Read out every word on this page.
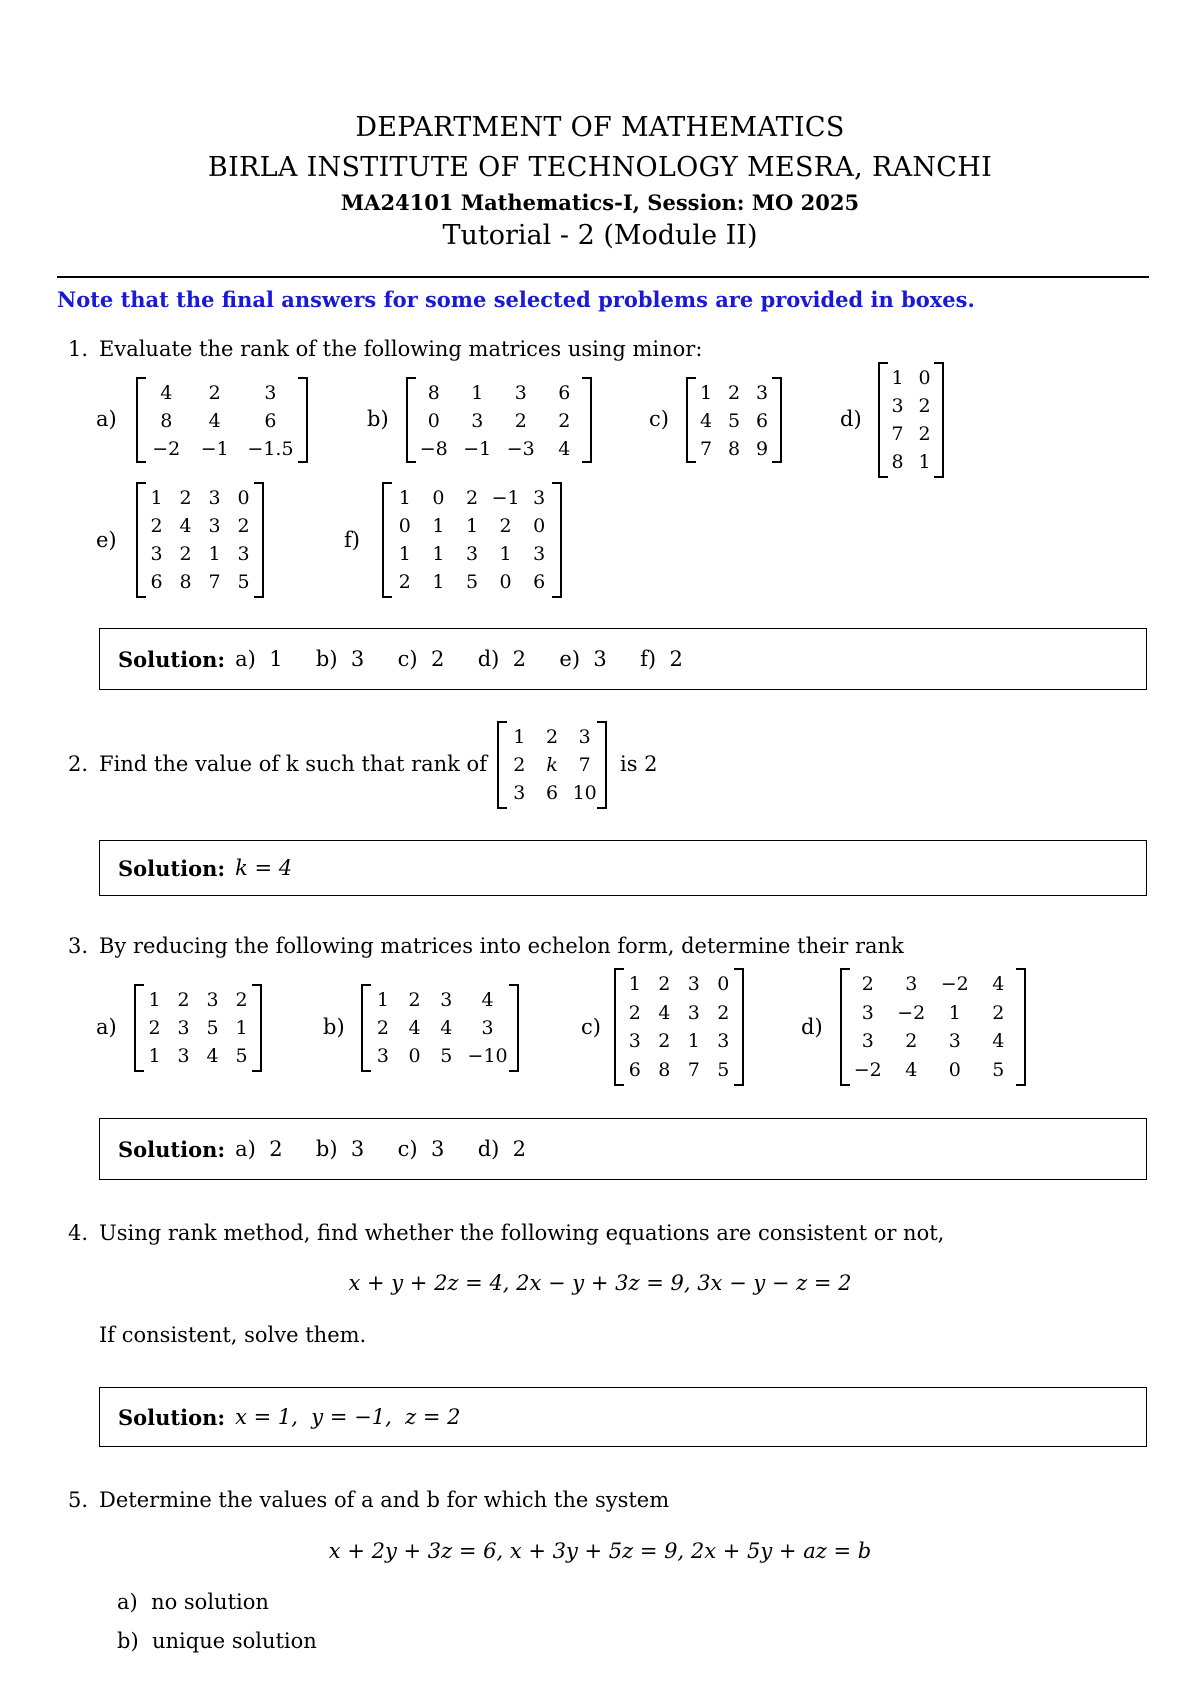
DEPARTMENT OF MATHEMATICS
BIRLA INSTITUTE OF TECHNOLOGY MESRA, RANCHI
MA24101 Mathematics-I, Session: MO 2025
Tutorial - 2 (Module II)
Note that the final answers for some selected problems are provided in boxes.
1. Evaluate the rank of the following matrices using minor:
a)
4	2	3
8	4	6
−2	−1 −1.5
b)
8	1	3	6
0	3	2	2
−8 −1 −3	4
c)
1 2 3
4 5 6
7 8 9
d)
1 0
3 2
7 2
8 1
e)
1 2 3 0
2 4 3 2
3 2 1 3
6 8 7 5
f)
1	0	2 −1 3
0	1	1	2	0
1	1	3	1	3
2	1	5	0	6
Solution: a)  1     b)  3     c)  2     d)  2     e)  3     f)  2
2. Find the value of k such that rank of
1	2	3
2	k	7
3	6 10
is 2
Solution: k = 4
3. By reducing the following matrices into echelon form, determine their rank
a)
1 2 3 2
2 3 5 1
1 3 4 5
b)
1	2	3	4
2	4	4	3
3	0	5 −10
c)
1 2 3 0
2 4 3 2
3 2 1 3
6 8 7 5
d)
2	3	−2	4
3	−2	1	2
3	2	3	4
−2	4	0	5
Solution: a)  2     b)  3     c)  3     d)  2
4. Using rank method, find whether the following equations are consistent or not,
x + y + 2z = 4, 2x − y + 3z = 9, 3x − y − z = 2
If consistent, solve them.
Solution: x = 1,  y = −1,  z = 2
5. Determine the values of a and b for which the system
x + 2y + 3z = 6, x + 3y + 5z = 9, 2x + 5y + az = b
a)  no solution
b)  unique solution
